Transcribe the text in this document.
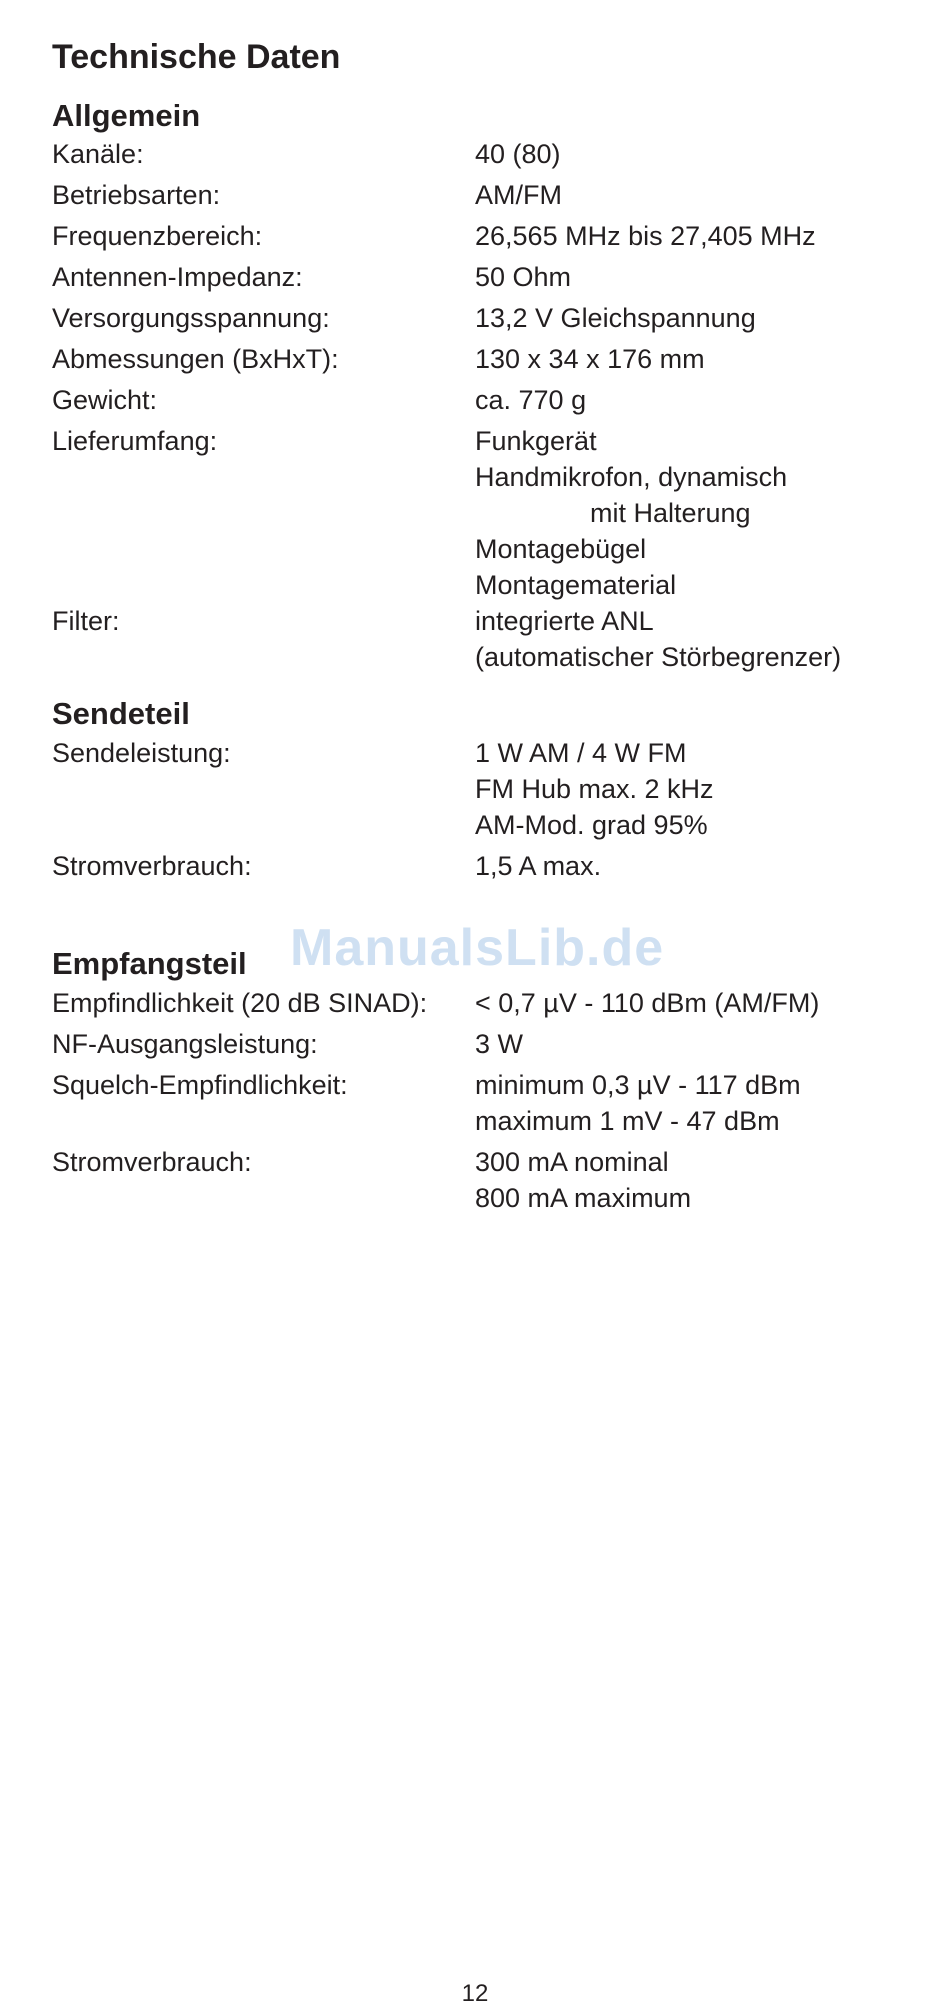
Technische Daten
ManualsLib.de
Allgemein
Kanäle:	40 (80)
Betriebsarten:	AM/FM
Frequenzbereich:	26,565 MHz bis 27,405 MHz
Antennen-Impedanz:	50 Ohm
Versorgungsspannung:	13,2 V Gleichspannung
Abmessungen (BxHxT):	130 x 34 x 176 mm
Gewicht:	ca. 770 g
Lieferumfang:	Funkgerät
Handmikrofon, dynamisch
mit Halterung
Montagebügel
Montagematerial
Filter:	integrierte ANL
(automatischer Störbegrenzer)
Sendeteil
Sendeleistung:	1 W AM / 4 W FM
FM Hub max. 2 kHz
AM-Mod. grad 95%
Stromverbrauch:	1,5 A max.
Empfangsteil
Empfindlichkeit (20 dB SINAD): < 0,7 µV - 110 dBm (AM/FM)
NF-Ausgangsleistung:	3 W
Squelch-Empfindlichkeit:	minimum 0,3 µV - 117 dBm
maximum 1 mV - 47 dBm
Stromverbrauch:	300 mA nominal
800 mA maximum
12
